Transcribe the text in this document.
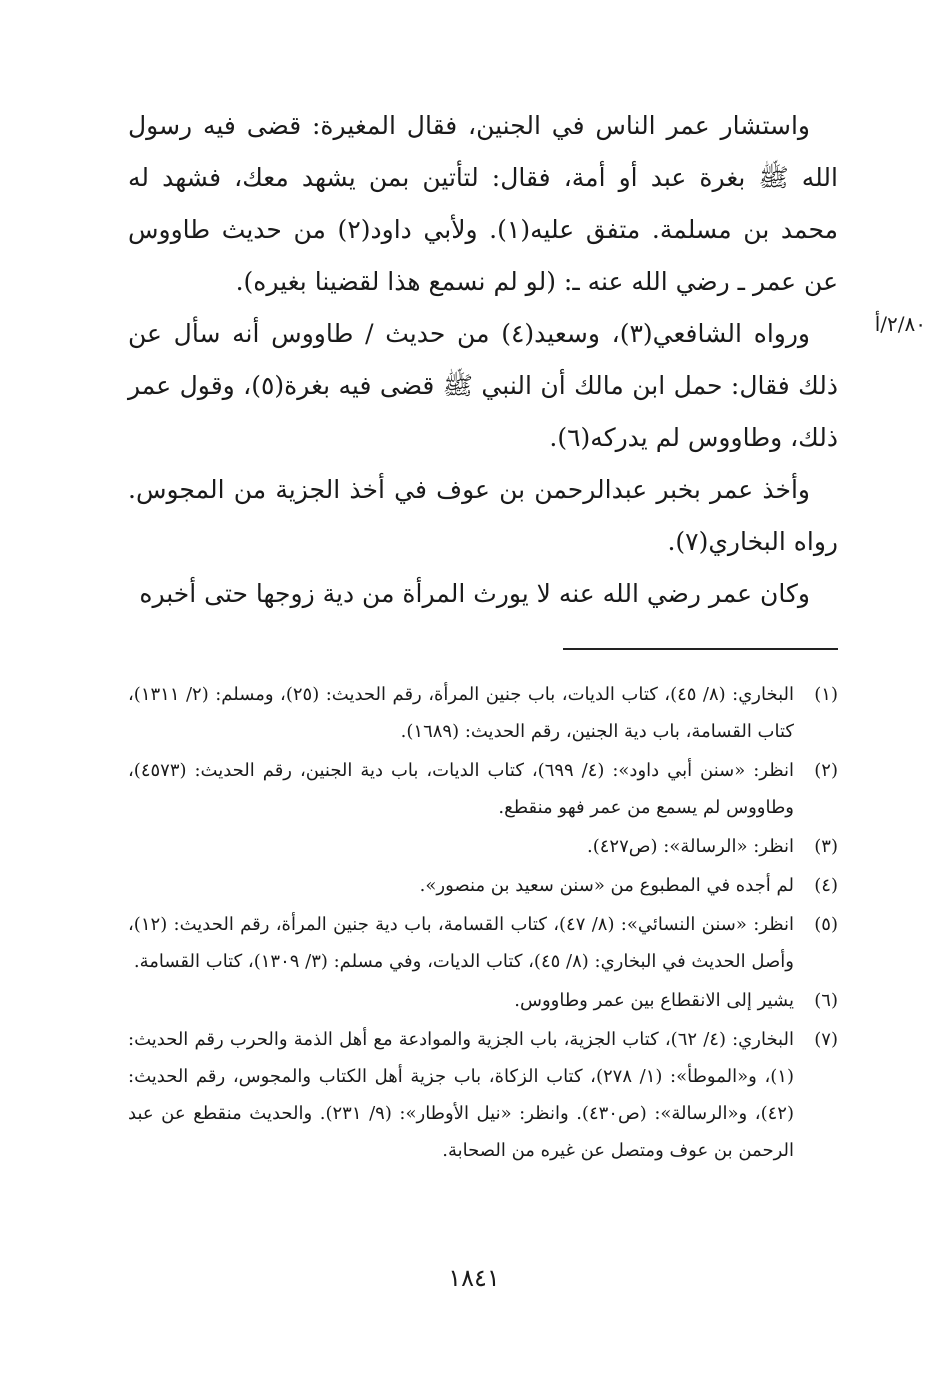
واستشار عمر الناس في الجنين، فقال المغيرة: قضى فيه رسول الله ﷺ بغرة عبد أو أمة، فقال: لتأتين بمن يشهد معك، فشهد له محمد بن مسلمة. متفق عليه(١). ولأبي داود(٢) من حديث طاووس عن عمر ـ رضي الله عنه ـ: (لو لم نسمع هذا لقضينا بغيره).

ورواه الشافعي(٣)، وسعيد(٤) من حديث / طاووس أنه سأل عن ذلك فقال: حمل ابن مالك أن النبي ﷺ قضى فيه بغرة(٥)، وقول عمر ذلك، وطاووس لم يدركه(٦).

وأخذ عمر بخبر عبدالرحمن بن عوف في أخذ الجزية من المجوس. رواه البخاري(٧).

وكان عمر رضي الله عنه لا يورث المرأة من دية زوجها حتى أخبره

٢/٨٠/أ
(١)
البخاري: (٨/ ٤٥)، كتاب الديات، باب جنين المرأة، رقم الحديث: (٢٥)، ومسلم: (٢/ ١٣١١)، كتاب القسامة، باب دية الجنين، رقم الحديث: (١٦٨٩).
(٢)
انظر: «سنن أبي داود»: (٤/ ٦٩٩)، كتاب الديات، باب دية الجنين، رقم الحديث: (٤٥٧٣)، وطاووس لم يسمع من عمر فهو منقطع.
(٣)
انظر: «الرسالة»: (ص٤٢٧).
(٤)
لم أجده في المطبوع من «سنن سعيد بن منصور».
(٥)
انظر: «سنن النسائي»: (٨/ ٤٧)، كتاب القسامة، باب دية جنين المرأة، رقم الحديث: (١٢)، وأصل الحديث في البخاري: (٨/ ٤٥)، كتاب الديات، وفي مسلم: (٣/ ١٣٠٩)، كتاب القسامة.
(٦)
يشير إلى الانقطاع بين عمر وطاووس.
(٧)
البخاري: (٤/ ٦٢)، كتاب الجزية، باب الجزية والموادعة مع أهل الذمة والحرب رقم الحديث: (١)، و«الموطأ»: (١/ ٢٧٨)، كتاب الزكاة، باب جزية أهل الكتاب والمجوس، رقم الحديث: (٤٢)، و«الرسالة»: (ص٤٣٠). وانظر: «نيل الأوطار»: (٩/ ٢٣١). والحديث منقطع عن عبد الرحمن بن عوف ومتصل عن غيره من الصحابة.
١٨٤١
